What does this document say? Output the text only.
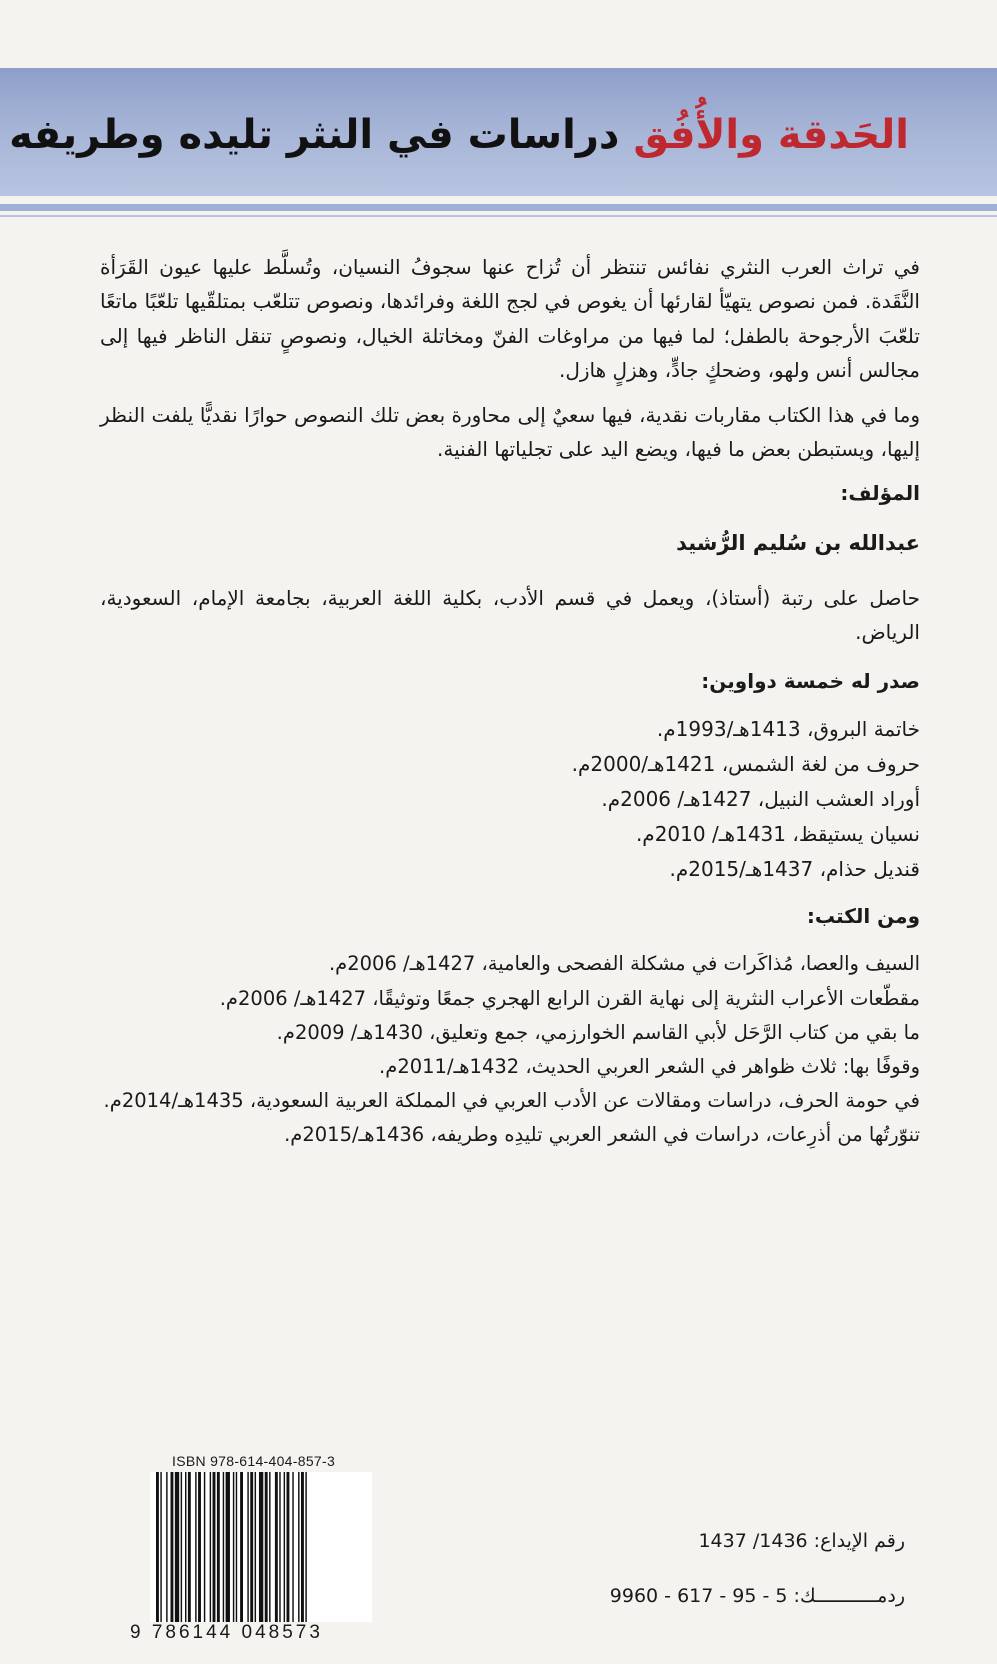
الحَدقة والأُفُق دراسات في النثر تليده وطريفه

في تراث العرب النثري نفائس تنتظر أن تُزاح عنها سجوفُ النسيان، وتُسلَّط عليها عيون القَرَأة النَّقَدة. فمن نصوص يتهيّأ لقارئها أن يغوص في لجج اللغة وفرائدها، ونصوص تتلعّب بمتلقّيها تلعّبًا ماتعًا تلعّبَ الأرجوحة بالطفل؛ لما فيها من مراوغات الفنّ ومخاتلة الخيال، ونصوصٍ تنقل الناظر فيها إلى مجالس أنس ولهو، وضحكٍ جادٍّ، وهزلٍ هازل.

وما في هذا الكتاب مقاربات نقدية، فيها سعيٌ إلى محاورة بعض تلك النصوص حوارًا نقديًّا يلفت النظر إليها، ويستبطن بعض ما فيها، ويضع اليد على تجلياتها الفنية.

المؤلف:
عبدالله بن سُليم الرُّشيد

حاصل على رتبة (أستاذ)، ويعمل في قسم الأدب، بكلية اللغة العربية، بجامعة الإمام، السعودية، الرياض.

صدر له خمسة دواوين:
خاتمة البروق، 1413هـ/1993م.
حروف من لغة الشمس، 1421هـ/2000م.
أوراد العشب النبيل، 1427هـ/ 2006م.
نسيان يستيقظ، 1431هـ/ 2010م.
قنديل حذام، 1437هـ/2015م.
ومن الكتب:
السيف والعصا، مُذاكَرات في مشكلة الفصحى والعامية، 1427هـ/ 2006م.
مقطّعات الأعراب النثرية إلى نهاية القرن الرابع الهجري جمعًا وتوثيقًا، 1427هـ/ 2006م.
ما بقي من كتاب الرَّحَل لأبي القاسم الخوارزمي، جمع وتعليق، 1430هـ/ 2009م.
وقوفًا بها: ثلاث ظواهر في الشعر العربي الحديث، 1432هـ/2011م.
في حومة الحرف، دراسات ومقالات عن الأدب العربي في المملكة العربية السعودية، 1435هـ/2014م.
تنوّرتُها من أذرِعات، دراسات في الشعر العربي تليدِه وطريفه، 1436هـ/2015م.
ISBN 978-614-404-857-3
9 786144 048573
رقم الإيداع: 1436/ 1437
ردمـــــــــــك: 5 - 95 - 617 - 9960
